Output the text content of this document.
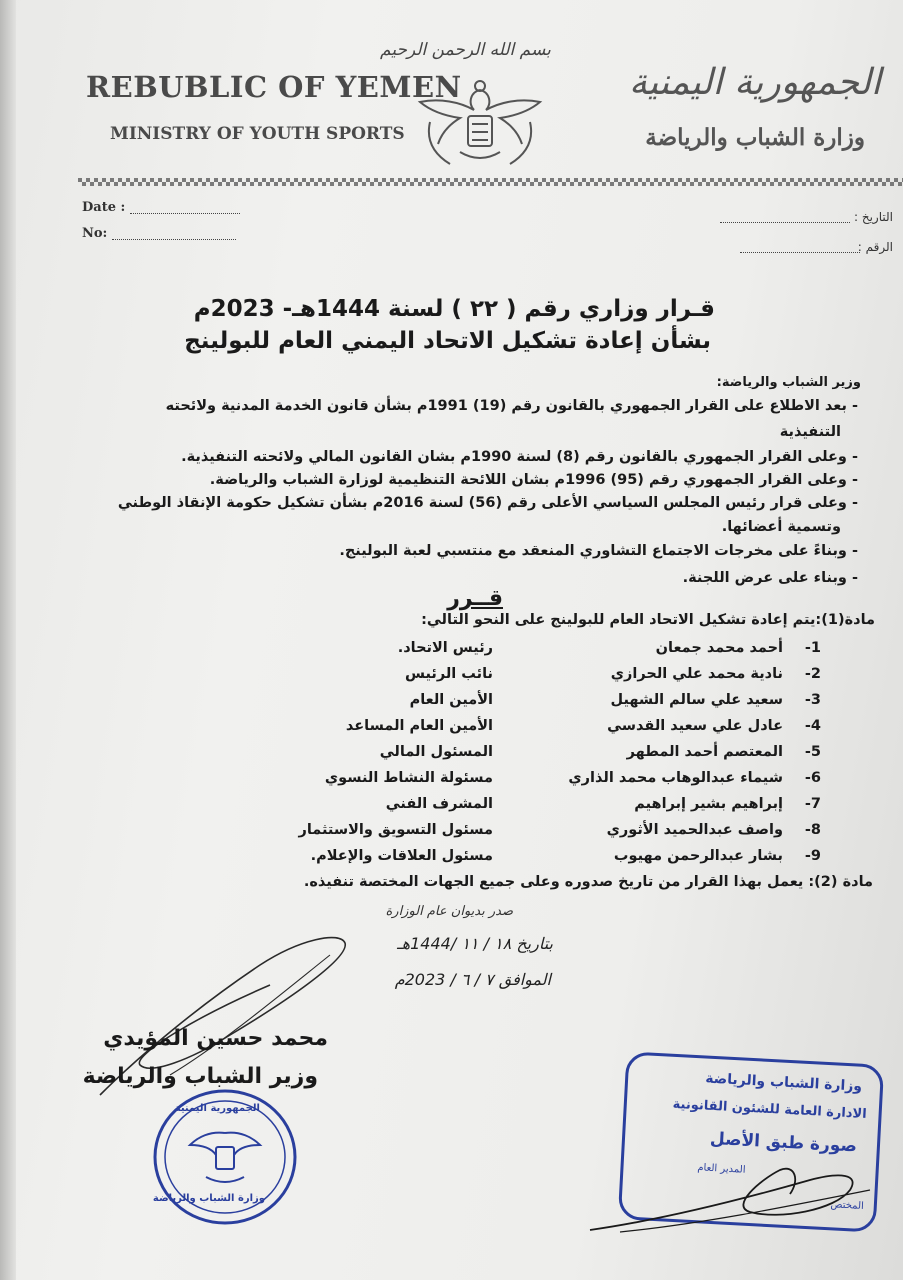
REBUBLIC OF YEMEN
MINISTRY OF YOUTH SPORTS
بسم الله الرحمن الرحيم
الجمهورية اليمنية
وزارة الشباب والرياضة
Date :
No:
التاريخ :
الرقم :
قـرار وزاري رقم ( ٢٢ ) لسنة 1444هـ- 2023م
بشأن إعادة تشكيل الاتحاد اليمني العام للبولينج
وزير الشباب والرياضة:
- بعد الاطلاع على القرار الجمهوري بالقانون رقم (19) 1991م بشأن قانون الخدمة المدنية ولائحته
التنفيذية
- وعلى القرار الجمهوري بالقانون رقم (8) لسنة 1990م بشان القانون المالي ولائحته التنفيذية.
- وعلى القرار الجمهوري رقم (95) 1996م بشان اللائحة التنظيمية لوزارة الشباب والرياضة.
- وعلى قرار رئيس المجلس السياسي الأعلى رقم (56) لسنة 2016م بشأن تشكيل حكومة الإنقاذ الوطني
وتسمية أعضائها.
- وبناءً على مخرجات الاجتماع التشاوري المنعقد مع منتسبي لعبة البولينج.
- وبناء على عرض اللجنة.
قــرر
مادة(1):يتم إعادة تشكيل الاتحاد العام للبولينج على النحو التالي:
1-
أحمد محمد جمعان
رئيس الاتحاد.
2-
نادية محمد علي الحرازي
نائب الرئيس
3-
سعيد علي سالم الشهيل
الأمين العام
4-
عادل علي سعيد القدسي
الأمين العام المساعد
5-
المعتصم أحمد المطهر
المسئول المالي
6-
شيماء عبدالوهاب محمد الذاري
مسئولة النشاط النسوي
7-
إبراهيم بشير إبراهيم
المشرف الفني
8-
واصف عبدالحميد الأثوري
مسئول التسويق والاستثمار
9-
بشار عبدالرحمن مهيوب
مسئول العلاقات والإعلام.
مادة (2): يعمل بهذا القرار من تاريخ صدوره وعلى جميع الجهات المختصة تنفيذه.
صدر بديوان عام الوزارة
بتاريخ ١٨ / ١١ /1444هـ
الموافق ٧ / ٦ / 2023م
محمد حسين المؤيدي
وزير الشباب والرياضة
الجمهورية اليمنية
وزارة الشباب والرياضة
وزارة الشباب والرياضة
الادارة العامة للشئون القانونية
صورة طبق الأصل
المدير العام
المختص
